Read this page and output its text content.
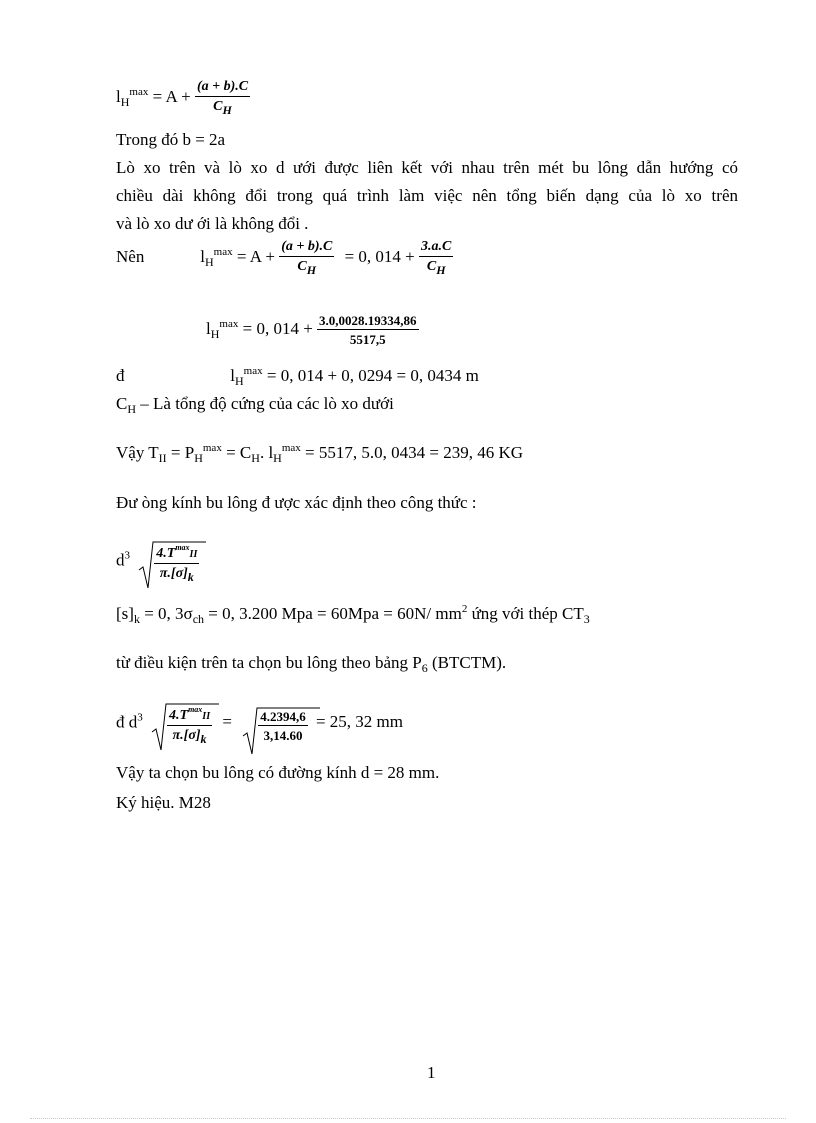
$l_H^{max} = A + \frac{(a + b).C}{CH}$
Trong đó b = 2a
Lò xo trên và lò xo d ưới được liên kết với nhau trên mét bu lông dẫn hướng có
chiều dài không đổi trong quá trình làm việc nên tổng biến dạng của lò xo trên
và lò xo dư ới là không đổi .
Nên	$l_H^{max} = A + \frac{(a + b).C}{CH} = 0$, $014 + \frac{3.a.C}{CH}$
$l_H^{max} = 0$, $014 + \frac{3.0,0028.19334,86}{5517,5}$
đ	$l_H^{max} = 0$, 014 + 0, 0294 = 0, 0434 m
$C_H$ – Là tổng độ cứng của các lò xo dưới
Vậy $T_{II} = P_H^{max} = C_H$. $l_H^{max} = 5517$, 5.0, 0434 = 239, 46 KG
Đư òng kính bu lông đ ược xác định theo công thức :
$d^3 \frac{4.T^{max}II}{\pi.[\sigma]k}$
$[s]_k = 0$, $3\sigma_{ch} = 0$, 3.200 Mpa = 60Mpa = 60N/ $mm^2$ ứng với thép $CT_3$
từ điều kiện trên ta chọn bu lông theo bảng $P_6$ (BTCTM).
đ $d^3 \frac{4.T^{max}II}{\pi.[\sigma]k} = \frac{4.2394,6}{3,14.60} = 25$, 32 mm
Vậy ta chọn bu lông có đường kính d = 28 mm.
Ký hiệu. M28
1
